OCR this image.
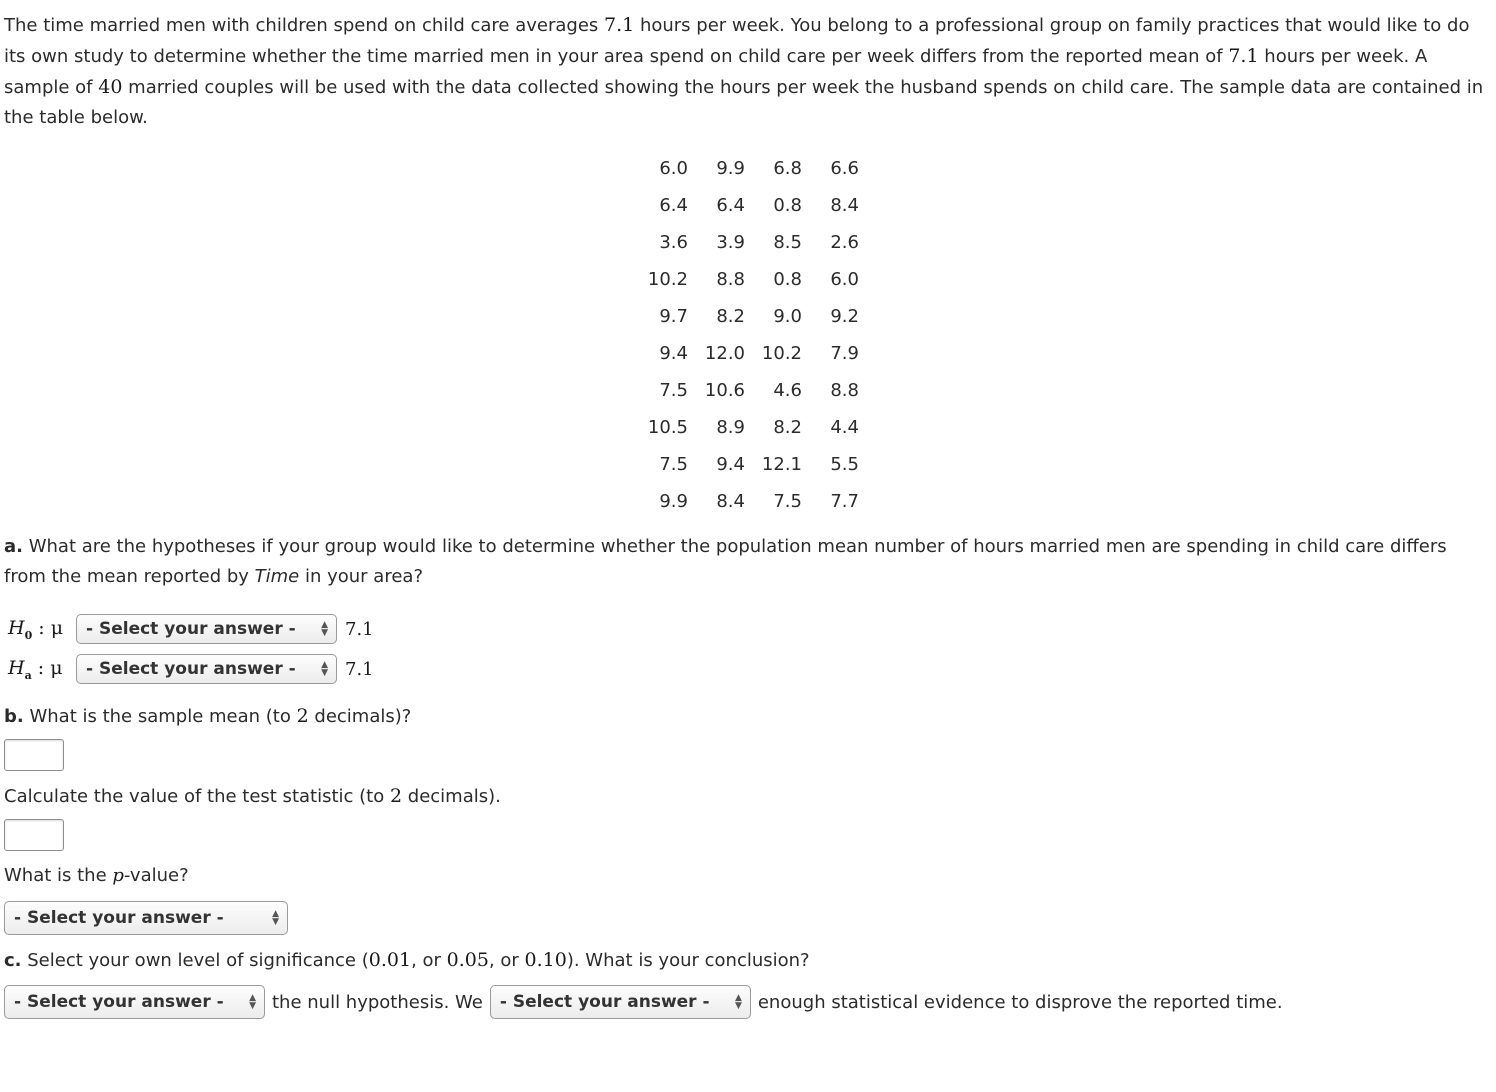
The time married men with children spend on child care averages 7.1 hours per week. You belong to a professional group on family practices that would like to do its own study to determine whether the time married men in your area spend on child care per week differs from the reported mean of 7.1 hours per week. A sample of 40 married couples will be used with the data collected showing the hours per week the husband spends on child care. The sample data are contained in the table below.

6.0	9.9	6.8	6.6
6.4	6.4	0.8	8.4
3.6	3.9	8.5	2.6
10.2	8.8	0.8	6.0
9.7	8.2	9.0	9.2
9.4	12.0	10.2	7.9
7.5	10.6	4.6	8.8
10.5	8.9	8.2	4.4
7.5	9.4	12.1	5.5
9.9	8.4	7.5	7.7

a. What are the hypotheses if your group would like to determine whether the population mean number of hours married men are spending in child care differs from the mean reported by Time in your area?

$H_0$ : μ	- Select your answer -	▲
▼ 7.1
$H_a$ : μ	- Select your answer -	▲
▼ 7.1
b. What is the sample mean (to 2 decimals)?
Calculate the value of the test statistic (to 2 decimals).
What is the p-value?
- Select your answer -	▲
▼
c. Select your own level of significance (0.01, or 0.05, or 0.10). What is your conclusion?
- Select your answer -	▲
▼ the null hypothesis. We - Select your answer -	▲
▼ enough statistical evidence to disprove the reported time.
